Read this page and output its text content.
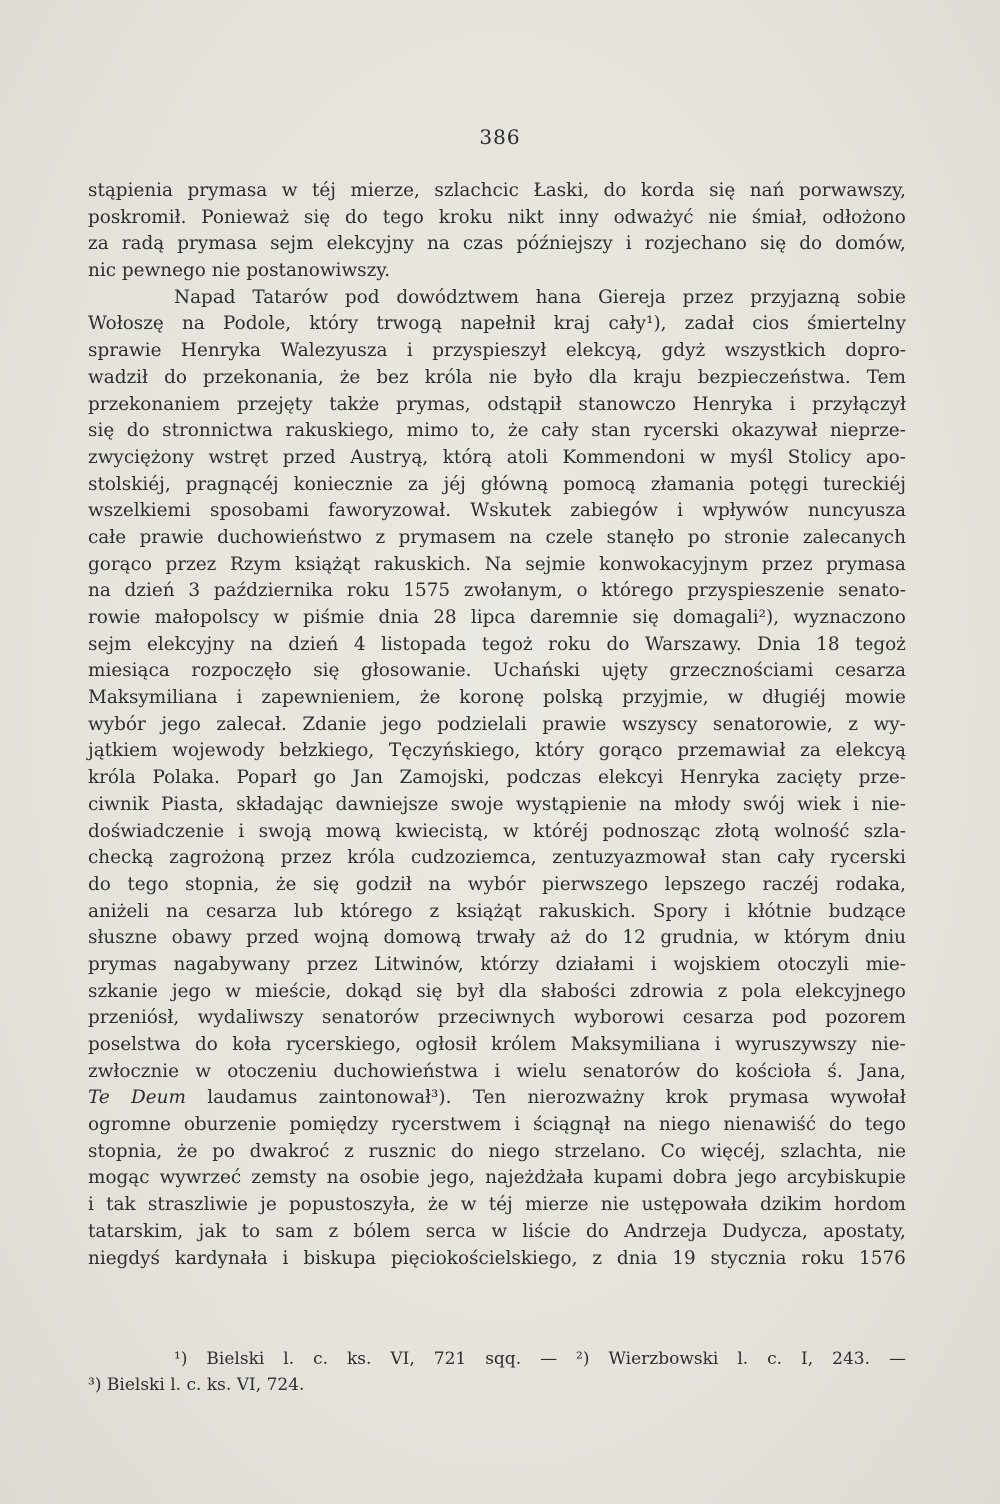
386
stąpienia prymasa w téj mierze, szlachcic Łaski, do korda się nań porwawszy,
poskromił. Ponieważ się do tego kroku nikt inny odważyć nie śmiał, odłożono
za radą prymasa sejm elekcyjny na czas późniejszy i rozjechano się do domów,
nic pewnego nie postanowiwszy.
Napad Tatarów pod dowództwem hana Giereja przez przyjazną sobie
Wołoszę na Podole, który trwogą napełnił kraj cały¹), zadał cios śmiertelny
sprawie Henryka Walezyusza i przyspieszył elekcyą, gdyż wszystkich dopro-
wadził do przekonania, że bez króla nie było dla kraju bezpieczeństwa. Tem
przekonaniem przejęty także prymas, odstąpił stanowczo Henryka i przyłączył
się do stronnictwa rakuskiego, mimo to, że cały stan rycerski okazywał nieprze-
zwyciężony wstręt przed Austryą, którą atoli Kommendoni w myśl Stolicy apo-
stolskiéj, pragnącéj koniecznie za jéj główną pomocą złamania potęgi tureckiéj
wszelkiemi sposobami faworyzował. Wskutek zabiegów i wpływów nuncyusza
całe prawie duchowieństwo z prymasem na czele stanęło po stronie zalecanych
gorąco przez Rzym książąt rakuskich. Na sejmie konwokacyjnym przez prymasa
na dzień 3 października roku 1575 zwołanym, o którego przyspieszenie senato-
rowie małopolscy w piśmie dnia 28 lipca daremnie się domagali²), wyznaczono
sejm elekcyjny na dzień 4 listopada tegoż roku do Warszawy. Dnia 18 tegoż
miesiąca rozpoczęło się głosowanie. Uchański ujęty grzecznościami cesarza
Maksymiliana i zapewnieniem, że koronę polską przyjmie, w długiéj mowie
wybór jego zalecał. Zdanie jego podzielali prawie wszyscy senatorowie, z wy-
jątkiem wojewody bełzkiego, Tęczyńskiego, który gorąco przemawiał za elekcyą
króla Polaka. Poparł go Jan Zamojski, podczas elekcyi Henryka zacięty prze-
ciwnik Piasta, składając dawniejsze swoje wystąpienie na młody swój wiek i nie-
doświadczenie i swoją mową kwiecistą, w któréj podnosząc złotą wolność szla-
checką zagrożoną przez króla cudzoziemca, zentuzyazmował stan cały rycerski
do tego stopnia, że się godził na wybór pierwszego lepszego raczéj rodaka,
aniżeli na cesarza lub którego z książąt rakuskich. Spory i kłótnie budzące
słuszne obawy przed wojną domową trwały aż do 12 grudnia, w którym dniu
prymas nagabywany przez Litwinów, którzy działami i wojskiem otoczyli mie-
szkanie jego w mieście, dokąd się był dla słabości zdrowia z pola elekcyjnego
przeniósł, wydaliwszy senatorów przeciwnych wyborowi cesarza pod pozorem
poselstwa do koła rycerskiego, ogłosił królem Maksymiliana i wyruszywszy nie-
zwłocznie w otoczeniu duchowieństwa i wielu senatorów do kościoła ś. Jana,
Te Deum laudamus zaintonował³). Ten nierozważny krok prymasa wywołał
ogromne oburzenie pomiędzy rycerstwem i ściągnął na niego nienawiść do tego
stopnia, że po dwakroć z rusznic do niego strzelano. Co więcéj, szlachta, nie
mogąc wywrzeć zemsty na osobie jego, najeżdżała kupami dobra jego arcybiskupie
i tak straszliwie je popustoszyła, że w téj mierze nie ustępowała dzikim hordom
tatarskim, jak to sam z bólem serca w liście do Andrzeja Dudycza, apostaty,
niegdyś kardynała i biskupa pięciokościelskiego, z dnia 19 stycznia roku 1576
¹) Bielski l. c. ks. VI, 721 sqq. — ²) Wierzbowski l. c. I, 243. —
³) Bielski l. c. ks. VI, 724.
